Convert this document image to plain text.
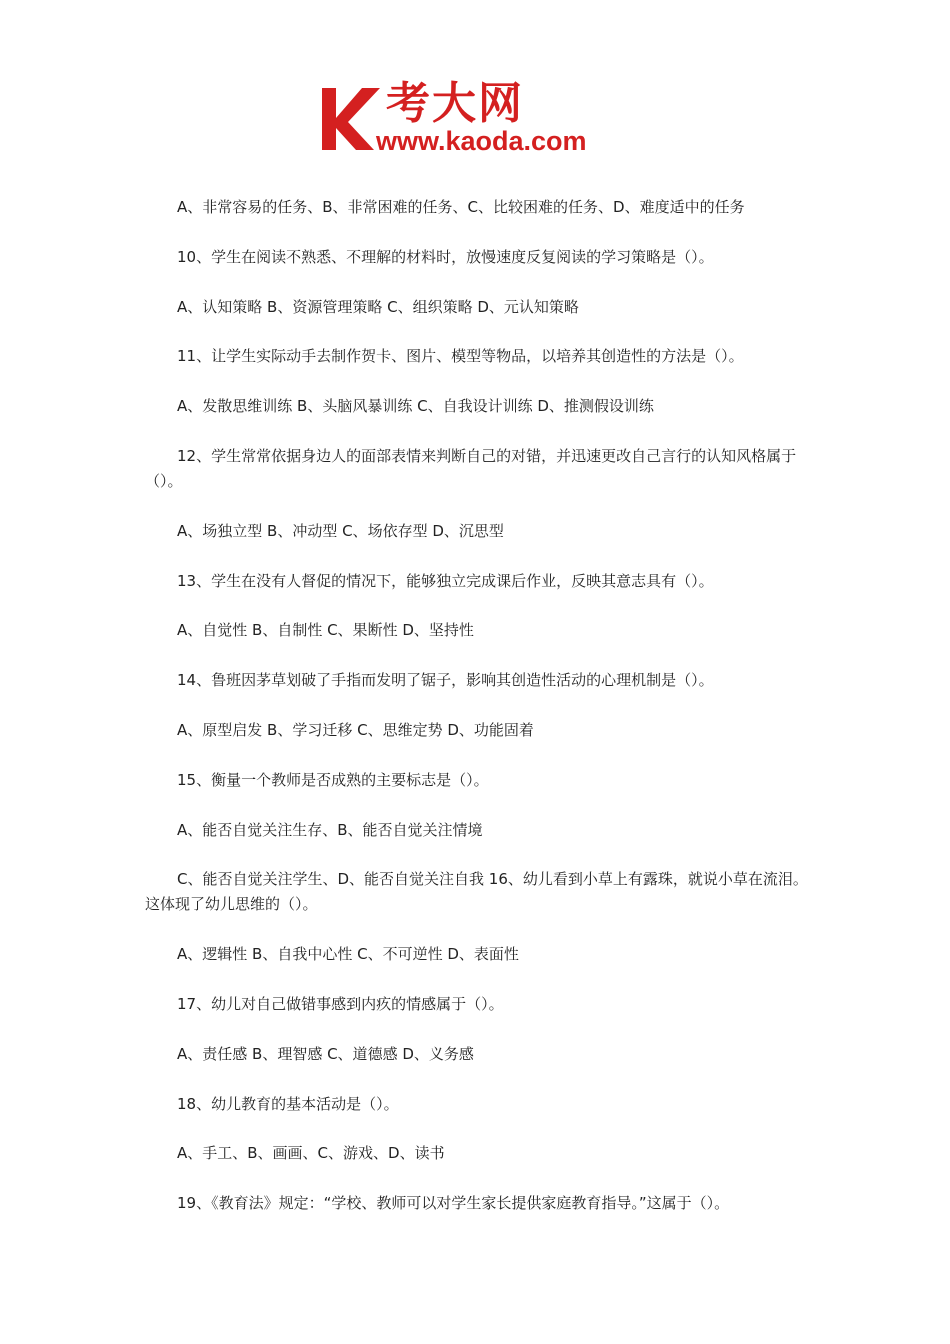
考大网
www.kaoda.com

A、非常容易的任务、B、非常困难的任务、C、比较困难的任务、D、难度适中的任务

10、学生在阅读不熟悉、不理解的材料时，放慢速度反复阅读的学习策略是（）。

A、认知策略 B、资源管理策略 C、组织策略 D、元认知策略

11、让学生实际动手去制作贺卡、图片、模型等物品，以培养其创造性的方法是（）。

A、发散思维训练 B、头脑风暴训练 C、自我设计训练 D、推测假设训练

12、学生常常依据身边人的面部表情来判断自己的对错，并迅速更改自己言行的认知风格属于（）。

A、场独立型 B、冲动型 C、场依存型 D、沉思型

13、学生在没有人督促的情况下，能够独立完成课后作业，反映其意志具有（）。

A、自觉性 B、自制性 C、果断性 D、坚持性

14、鲁班因茅草划破了手指而发明了锯子，影响其创造性活动的心理机制是（）。

A、原型启发 B、学习迁移 C、思维定势 D、功能固着

15、衡量一个教师是否成熟的主要标志是（）。

A、能否自觉关注生存、B、能否自觉关注情境

C、能否自觉关注学生、D、能否自觉关注自我 16、幼儿看到小草上有露珠，就说小草在流泪。这体现了幼儿思维的（）。

A、逻辑性 B、自我中心性 C、不可逆性 D、表面性

17、幼儿对自己做错事感到内疚的情感属于（）。

A、责任感 B、理智感 C、道德感 D、义务感

18、幼儿教育的基本活动是（）。

A、手工、B、画画、C、游戏、D、读书

19、《教育法》规定：“学校、教师可以对学生家长提供家庭教育指导。”这属于（）。
